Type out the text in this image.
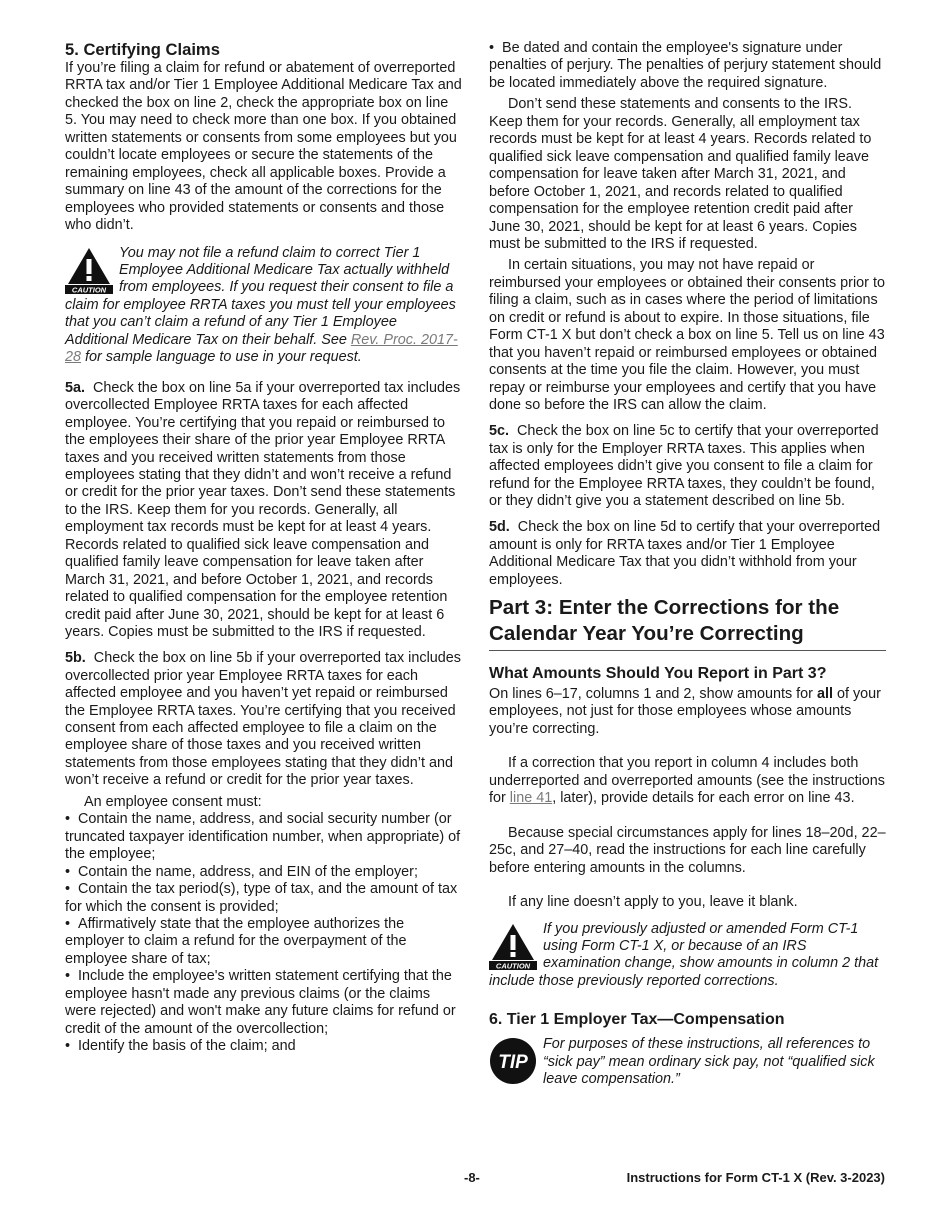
5. Certifying Claims

If you’re filing a claim for refund or abatement of overreported RRTA tax and/or Tier 1 Employee Additional Medicare Tax and checked the box on line 2, check the appropriate box on line 5. You may need to check more than one box. If you obtained written statements or consents from some employees but you couldn’t locate employees or secure the statements of the remaining employees, check all applicable boxes. Provide a summary on line 43 of the amount of the corrections for the employees who provided statements or consents and those who didn’t.

CAUTION
You may not file a refund claim to correct Tier 1 Employee Additional Medicare Tax actually withheld from employees. If you request their consent to file a claim for employee RRTA taxes you must tell your employees that you can’t claim a refund of any Tier 1 Employee Additional Medicare Tax on their behalf. See Rev. Proc. 2017-28 for sample language to use in your request.

5a. Check the box on line 5a if your overreported tax includes overcollected Employee RRTA taxes for each affected employee. You’re certifying that you repaid or reimbursed to the employees their share of the prior year Employee RRTA taxes and you received written statements from those employees stating that they didn’t and won’t receive a refund or credit for the prior year taxes. Don’t send these statements to the IRS. Keep them for you records. Generally, all employment tax records must be kept for at least 4 years. Records related to qualified sick leave compensation and qualified family leave compensation for leave taken after March 31, 2021, and before October 1, 2021, and records related to qualified compensation for the employee retention credit paid after June 30, 2021, should be kept for at least 6 years. Copies must be submitted to the IRS if requested.

5b. Check the box on line 5b if your overreported tax includes overcollected prior year Employee RRTA taxes for each affected employee and you haven’t yet repaid or reimbursed the Employee RRTA taxes. You’re certifying that you received consent from each affected employee to file a claim on the employee share of those taxes and you received written statements from those employees stating that they didn’t and won’t receive a refund or credit for the prior year taxes.

An employee consent must:

• Contain the name, address, and social security number (or truncated taxpayer identification number, when appropriate) of the employee;

• Contain the name, address, and EIN of the employer;

• Contain the tax period(s), type of tax, and the amount of tax for which the consent is provided;

• Affirmatively state that the employee authorizes the employer to claim a refund for the overpayment of the employee share of tax;

• Include the employee's written statement certifying that the employee hasn't made any previous claims (or the claims were rejected) and won't make any future claims for refund or credit of the amount of the overcollection;

• Identify the basis of the claim; and

• Be dated and contain the employee's signature under penalties of perjury. The penalties of perjury statement should be located immediately above the required signature.

Don’t send these statements and consents to the IRS. Keep them for your records. Generally, all employment tax records must be kept for at least 4 years. Records related to qualified sick leave compensation and qualified family leave compensation for leave taken after March 31, 2021, and before October 1, 2021, and records related to qualified compensation for the employee retention credit paid after June 30, 2021, should be kept for at least 6 years. Copies must be submitted to the IRS if requested.

In certain situations, you may not have repaid or reimbursed your employees or obtained their consents prior to filing a claim, such as in cases where the period of limitations on credit or refund is about to expire. In those situations, file Form CT-1 X but don’t check a box on line 5. Tell us on line 43 that you haven’t repaid or reimbursed employees or obtained consents at the time you file the claim. However, you must repay or reimburse your employees and certify that you have done so before the IRS can allow the claim.

5c. Check the box on line 5c to certify that your overreported tax is only for the Employer RRTA taxes. This applies when affected employees didn’t give you consent to file a claim for refund for the Employee RRTA taxes, they couldn’t be found, or they didn’t give you a statement described on line 5b.

5d. Check the box on line 5d to certify that your overreported amount is only for RRTA taxes and/or Tier 1 Employee Additional Medicare Tax that you didn’t withhold from your employees.

Part 3: Enter the Corrections for the Calendar Year You’re Correcting
What Amounts Should You Report in Part 3?

On lines 6–17, columns 1 and 2, show amounts for all of your employees, not just for those employees whose amounts you’re correcting.

If a correction that you report in column 4 includes both underreported and overreported amounts (see the instructions for line 41, later), provide details for each error on line 43.

Because special circumstances apply for lines 18–20d, 22–25c, and 27–40, read the instructions for each line carefully before entering amounts in the columns.

If any line doesn’t apply to you, leave it blank.

CAUTION
If you previously adjusted or amended Form CT-1 using Form CT-1 X, or because of an IRS examination change, show amounts in column 2 that include those previously reported corrections.
6. Tier 1 Employer Tax—Compensation
TIP
For purposes of these instructions, all references to “sick pay” mean ordinary sick pay, not “qualified sick leave compensation.”
-8-	Instructions for Form CT-1 X (Rev. 3-2023)
